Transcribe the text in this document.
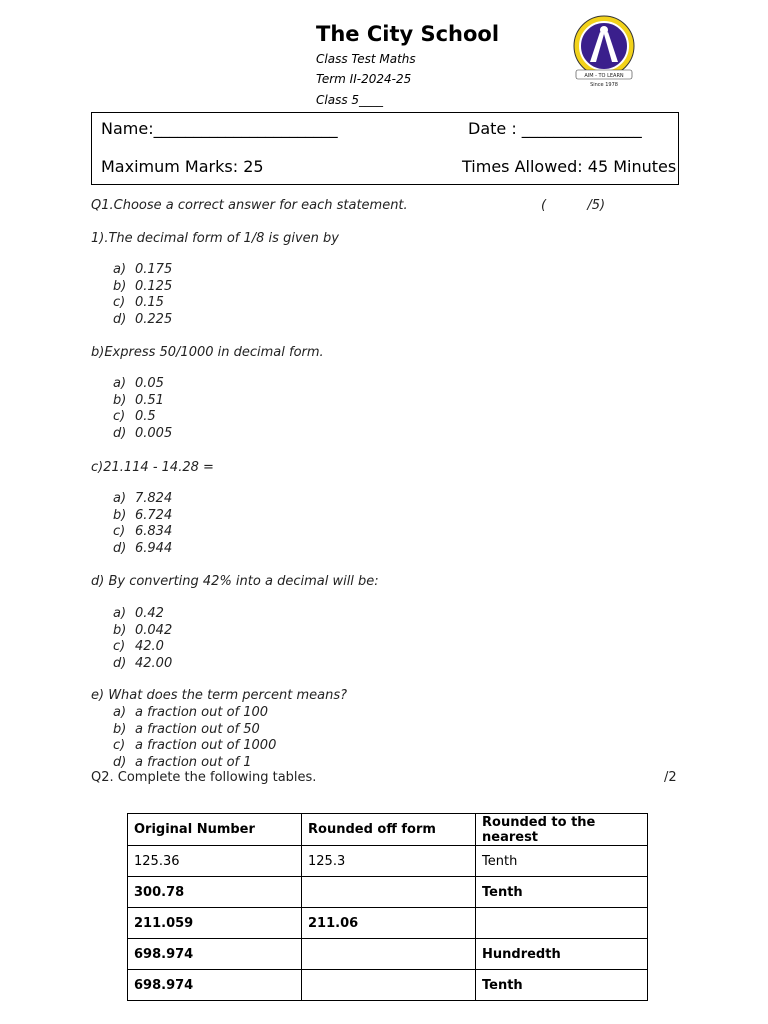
The City School
Class Test Maths
Term II-2024-25
Class 5____
AIM - TO LEARN
Since 1978
Name:_______________________	Date : _______________
Maximum Marks: 25	Times Allowed: 45 Minutes
Q1.Choose a correct answer for each statement.	(          /5)
1).The decimal form of 1/8 is given by
a) 0.175
b) 0.125
c) 0.15
d) 0.225
b)Express 50/1000 in decimal form.
a) 0.05
b) 0.51
c) 0.5
d) 0.005
c)21.114 - 14.28 =
a) 7.824
b) 6.724
c) 6.834
d) 6.944
d) By converting 42% into a decimal will be:
a) 0.42
b) 0.042
c) 42.0
d) 42.00
e) What does the term percent means?
a) a fraction out of 100
b) a fraction out of 50
c) a fraction out of 1000
d) a fraction out of 1
Q2. Complete the following tables.	/2
Original Number	Rounded off form	Rounded to the nearest
125.36	125.3	Tenth
300.78		Tenth
211.059	211.06	
698.974		Hundredth
698.974		Tenth
